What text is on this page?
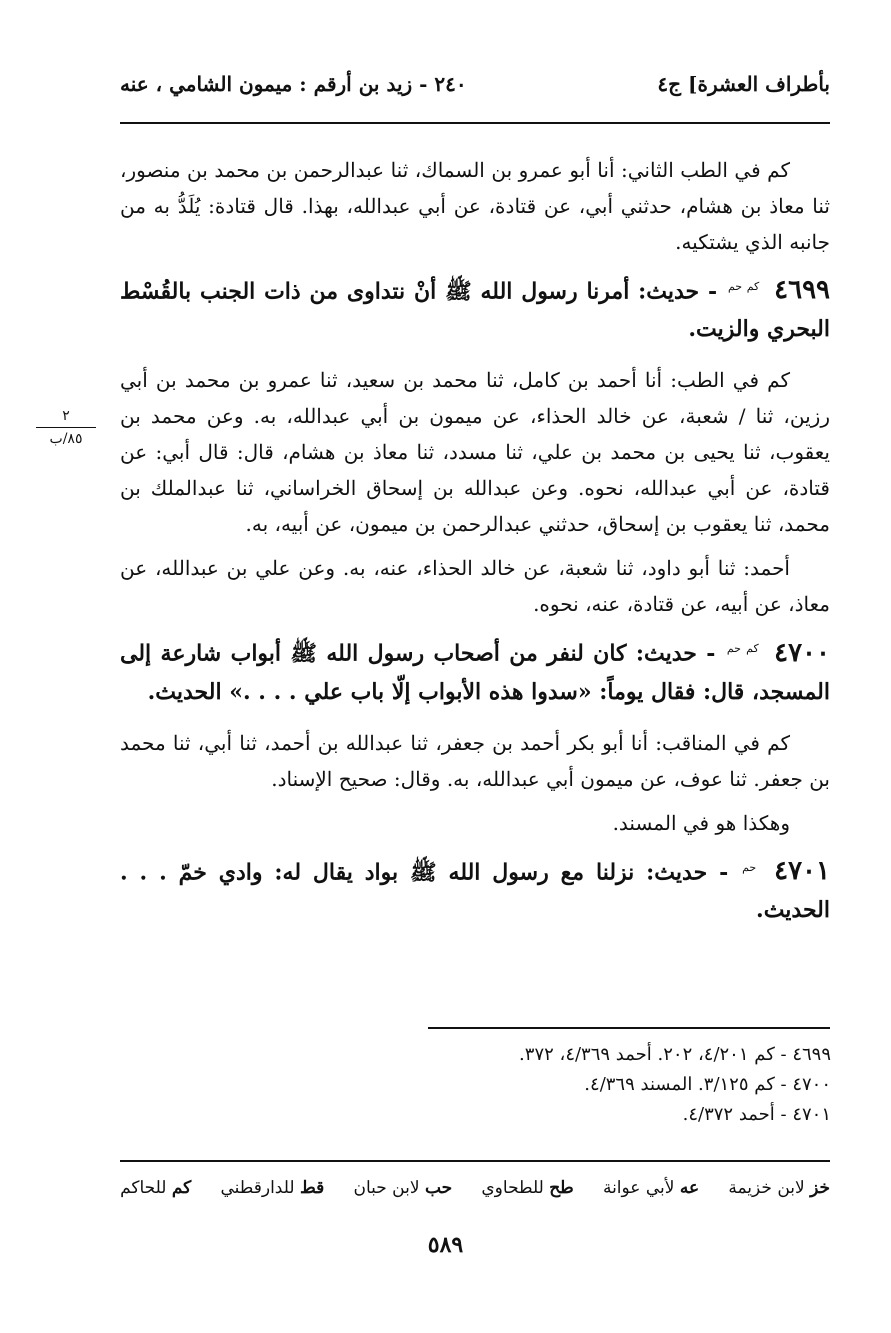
بأطراف العشرة] ج٤
٢٤٠ - زيد بن أرقم : ميمون الشامي ، عنه
٢
٨٥/ب

كم في الطب الثاني: أنا أبو عمرو بن السماك، ثنا عبدالرحمن بن محمد بن منصور، ثنا معاذ بن هشام، حدثني أبي، عن قتادة، عن أبي عبدالله، بهذا. قال قتادة: يُلَدُّ به من جانبه الذي يشتكيه.

٤٦٩٩ $^{كم حم}$ - حديث: أمرنا رسول الله ﷺ أنْ نتداوى من ذات الجنب بالقُسْط البحري والزيت.

كم في الطب: أنا أحمد بن كامل، ثنا محمد بن سعيد، ثنا عمرو بن محمد بن أبي رزين، ثنا / شعبة، عن خالد الحذاء، عن ميمون بن أبي عبدالله، به. وعن محمد بن يعقوب، ثنا يحيى بن محمد بن علي، ثنا مسدد، ثنا معاذ بن هشام، قال: قال أبي: عن قتادة، عن أبي عبدالله، نحوه. وعن عبدالله بن إسحاق الخراساني، ثنا عبدالملك بن محمد، ثنا يعقوب بن إسحاق، حدثني عبدالرحمن بن ميمون، عن أبيه، به.

أحمد: ثنا أبو داود، ثنا شعبة، عن خالد الحذاء، عنه، به. وعن علي بن عبدالله، عن معاذ، عن أبيه، عن قتادة، عنه، نحوه.

٤٧٠٠ $^{كم حم}$ - حديث: كان لنفر من أصحاب رسول الله ﷺ أبواب شارعة إلى المسجد، قال: فقال يوماً: «سدوا هذه الأبواب إلّا باب علي . . . .» الحديث.

كم في المناقب: أنا أبو بكر أحمد بن جعفر، ثنا عبدالله بن أحمد، ثنا أبي، ثنا محمد بن جعفر. ثنا عوف، عن ميمون أبي عبدالله، به. وقال: صحيح الإسناد.

وهكذا هو في المسند.

٤٧٠١ $^{حم}$ - حديث: نزلنا مع رسول الله ﷺ بواد يقال له: وادي خمّ . . . الحديث.

٤٦٩٩ - كم ٤/٢٠١، ٢٠٢. أحمد ٤/٣٦٩، ٣٧٢.
٤٧٠٠ - كم ٣/١٢٥. المسند ٤/٣٦٩.
٤٧٠١ - أحمد ٤/٣٧٢.
خز لابن خزيمة
عه لأبي عوانة
طح للطحاوي
حب لابن حبان
قط للدارقطني
كم للحاكم
٥٨٩
